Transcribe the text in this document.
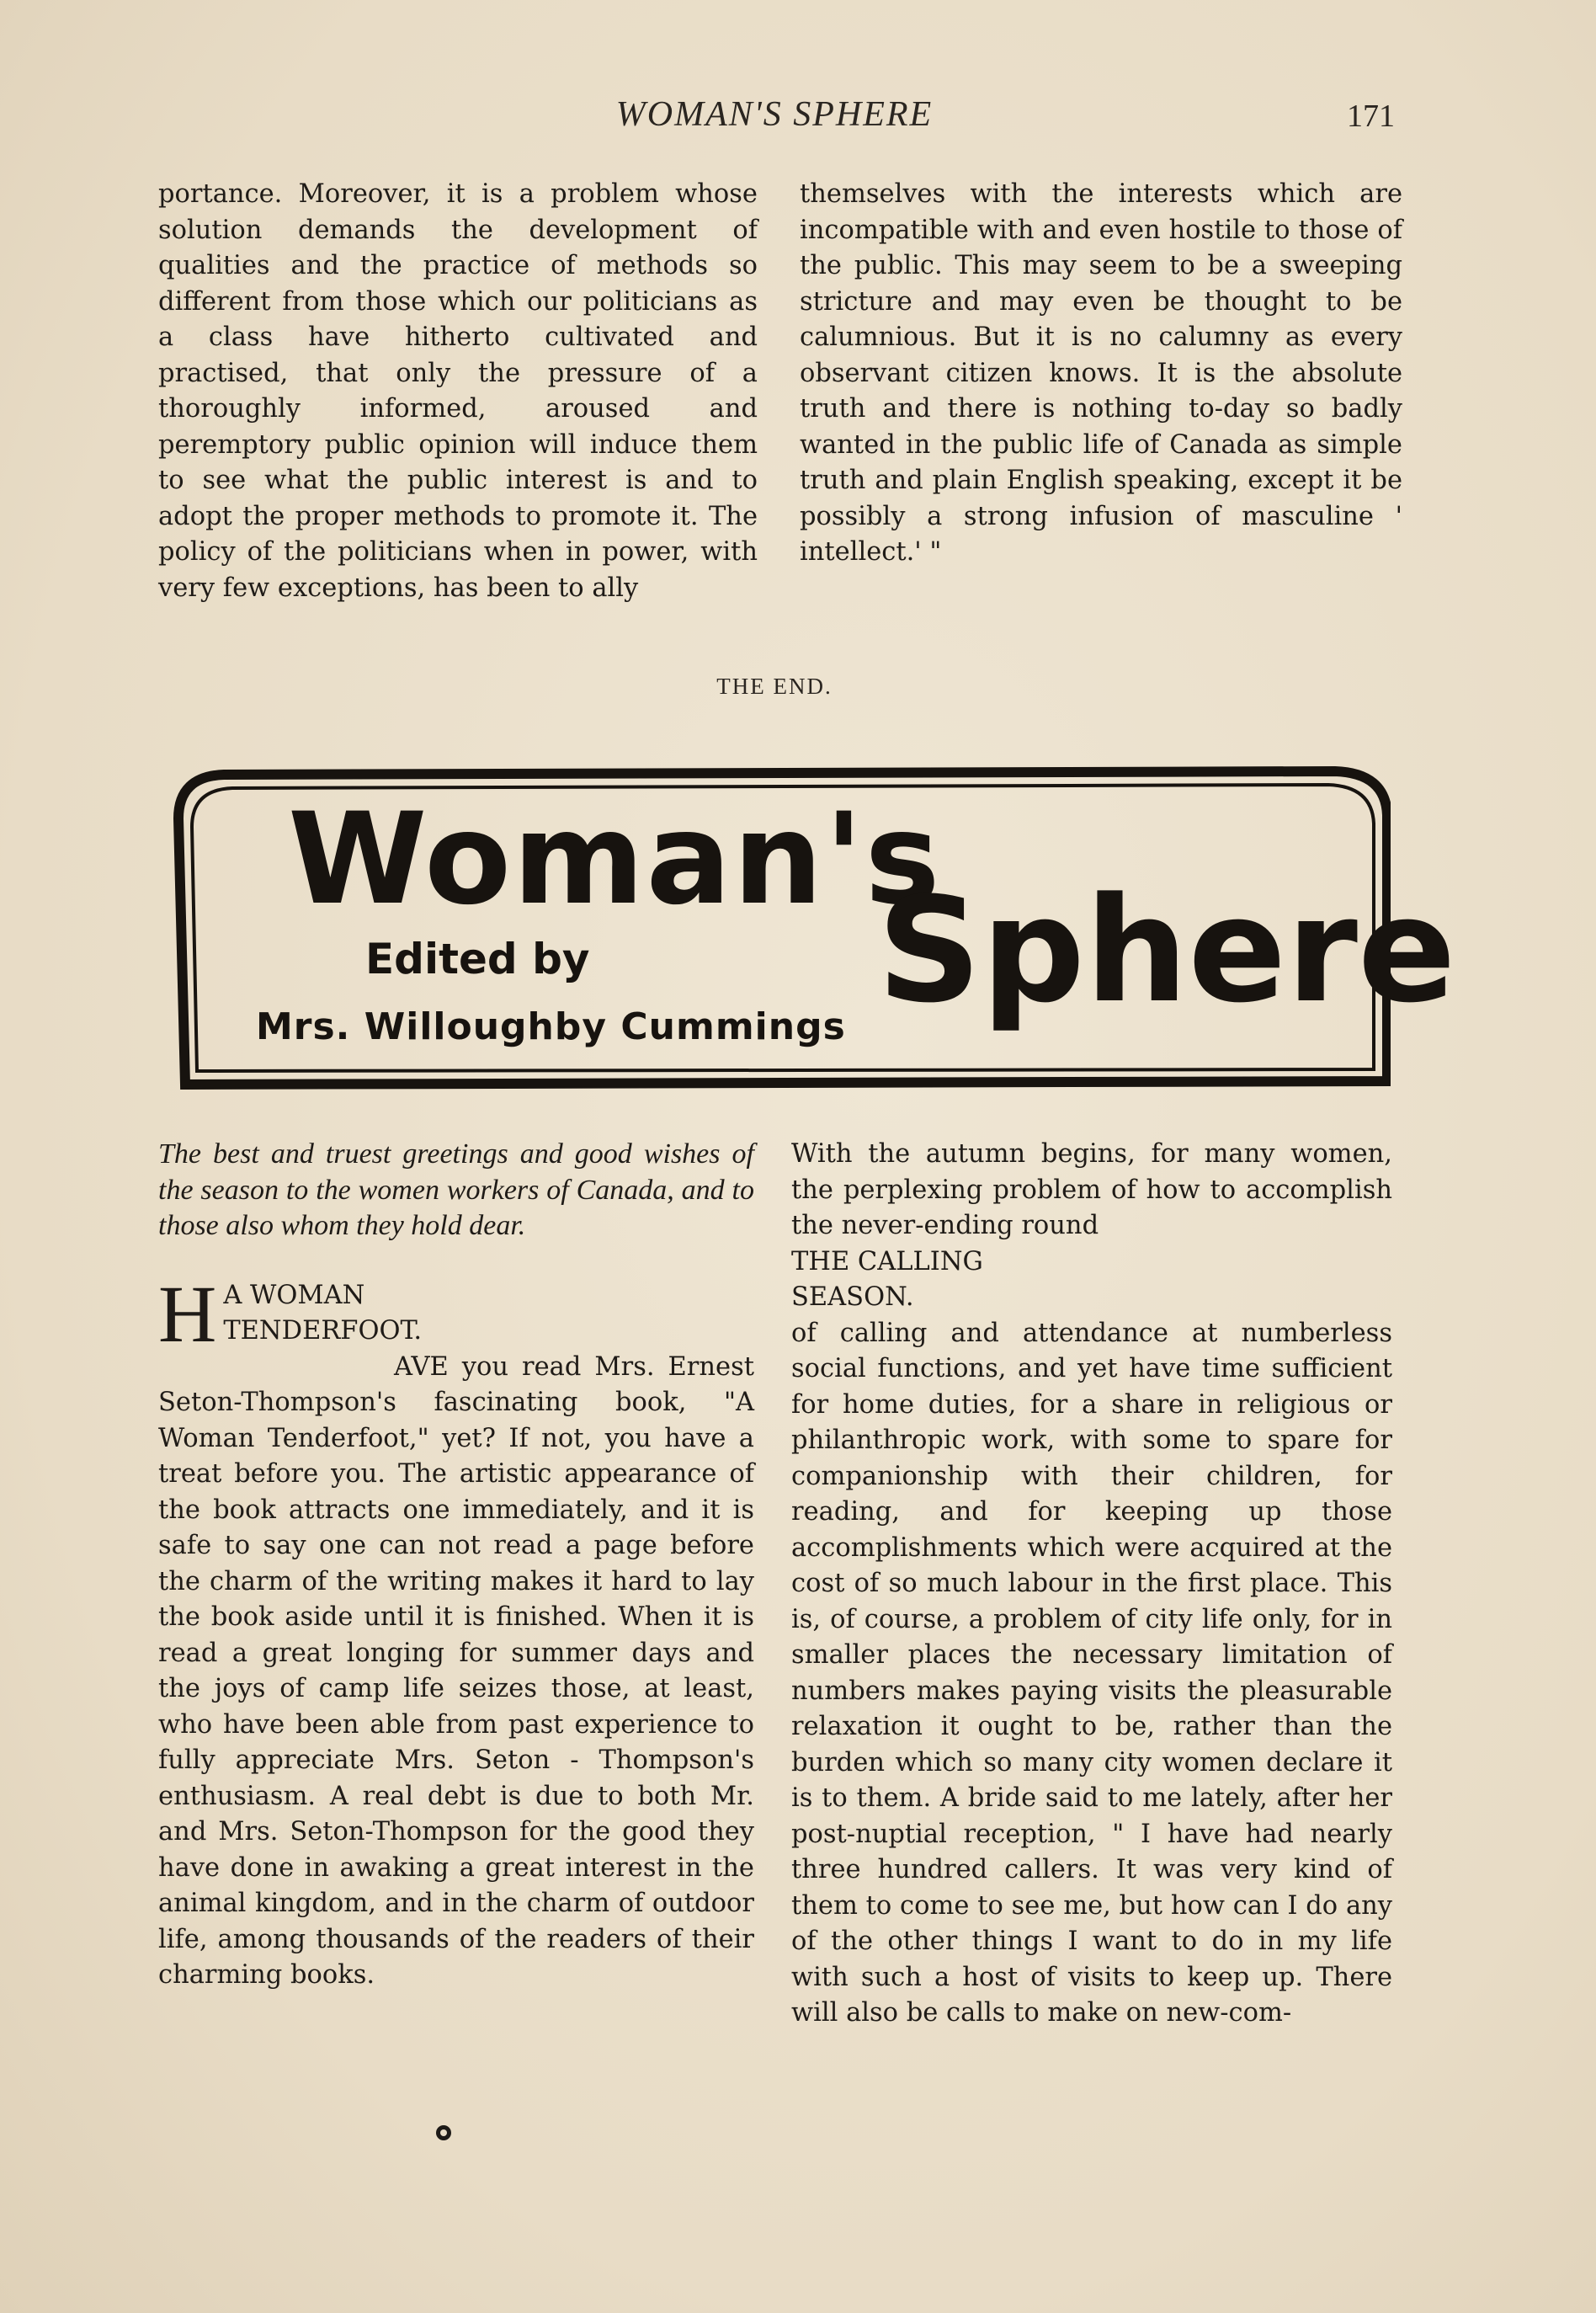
WOMAN'S SPHERE	171

portance. Moreover, it is a problem whose solution demands the development of qualities and the practice of methods so different from those which our politicians as a class have hitherto cultivated and practised, that only the pressure of a thoroughly informed, aroused and peremptory public opinion will induce them to see what the public interest is and to adopt the proper methods to promote it. The policy of the politicians when in power, with very few exceptions, has been to ally

themselves with the interests which are incompatible with and even hostile to those of the public. This may seem to be a sweeping stricture and may even be thought to be calumnious. But it is no calumny as every observant citizen knows. It is the absolute truth and there is nothing to-day so badly wanted in the public life of Canada as simple truth and plain English speaking, except it be possibly a strong infusion of masculine ' intellect.' "

THE END.
Woman's
Sphere
Edited by
Mrs. Willoughby Cummings

The best and truest greetings and good wishes of the season to the women workers of Canada, and to those also whom they hold dear.

H A WOMAN
TENDERFOOT.
AVE you read Mrs. Ernest Seton-Thompson's fascinating book, "A Woman Tenderfoot," yet? If not, you have a treat before you. The artistic appearance of the book attracts one immediately, and it is safe to say one can not read a page before the charm of the writing makes it hard to lay the book aside until it is finished. When it is read a great longing for summer days and the joys of camp life seizes those, at least, who have been able from past experience to fully appreciate Mrs. Seton - Thompson's enthusiasm. A real debt is due to both Mr. and Mrs. Seton-Thompson for the good they have done in awaking a great interest in the animal kingdom, and in the charm of outdoor life, among thousands of the readers of their charming books.

With the autumn begins, for many women, the perplexing problem of how to accomplish the never-ending round

THE CALLING
SEASON.
of calling and attendance at numberless social functions, and yet have time sufficient for home duties, for a share in religious or philanthropic work, with some to spare for companionship with their children, for reading, and for keeping up those accomplishments which were acquired at the cost of so much labour in the first place. This is, of course, a problem of city life only, for in smaller places the necessary limitation of numbers makes paying visits the pleasurable relaxation it ought to be, rather than the burden which so many city women declare it is to them. A bride said to me lately, after her post-nuptial reception, " I have had nearly three hundred callers. It was very kind of them to come to see me, but how can I do any of the other things I want to do in my life with such a host of visits to keep up. There will also be calls to make on new-com-
